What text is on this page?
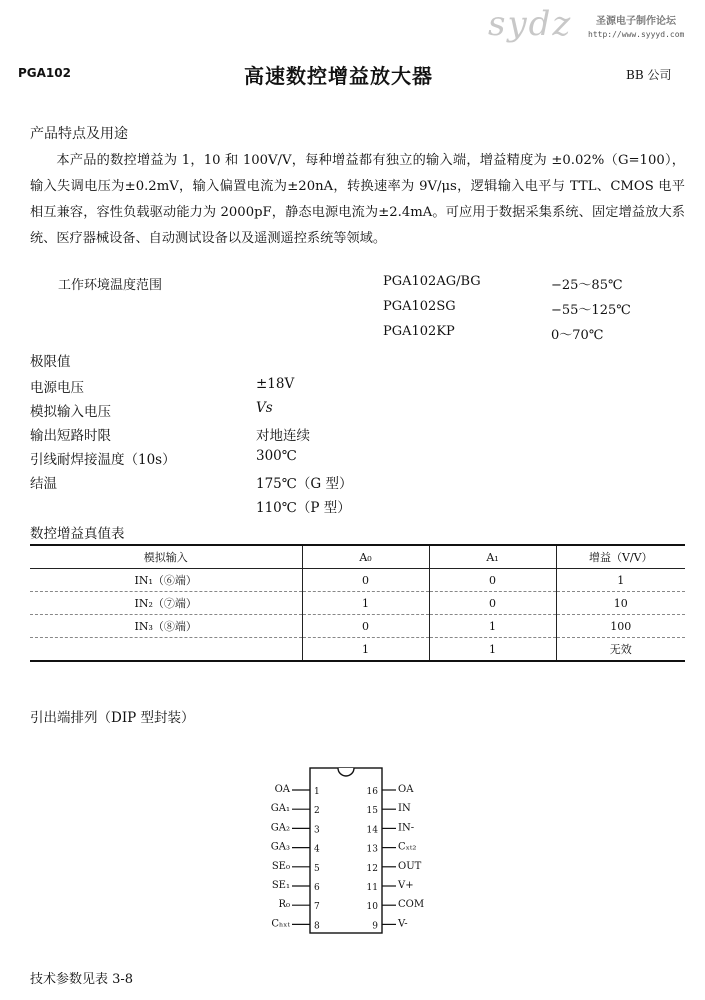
sydz 圣源电子制作论坛
http://www.syyyd.com
PGA102	高速数控增益放大器	BB 公司
产品特点及用途

本产品的数控增益为 1，10 和 100V/V，每种增益都有独立的输入端，增益精度为 ±0.02%（G=100），输入失调电压为±0.2mV，输入偏置电流为±20nA，转换速率为 9V/μs，逻辑输入电平与 TTL、CMOS 电平相互兼容，容性负载驱动能力为 2000pF，静态电源电流为±2.4mA。可应用于数据采集系统、固定增益放大系统、医疗器械设备、自动测试设备以及遥测遥控系统等领域。

工作环境温度范围	PGA102AG/BG	−25～85℃
PGA102SG	−55～125℃
PGA102KP	0～70℃
极限值
电源电压	±18V
模拟输入电压	Vs
输出短路时限	对地连续
引线耐焊接温度（10s）	300℃
结温	175℃（G 型）
110℃（P 型）
数控增益真值表
模拟输入	A₀	A₁	增益（V/V）
IN₁（⑥端）	0	0	1
IN₂（⑦端）	1	0	10
IN₃（⑧端）	0	1	100
	1	1	无效
引出端排列（DIP 型封装）
OA	1
GA₁	2
GA₂	3
GA₃	4
SE₀	5
SE₁	6
R₀	7
Cₕₓₜ	8
16 OA
15 IN
14 IN-
13 Cₓₜ₂
12 OUT
11 V+
10 COM
9 V-
技术参数见表 3-8
